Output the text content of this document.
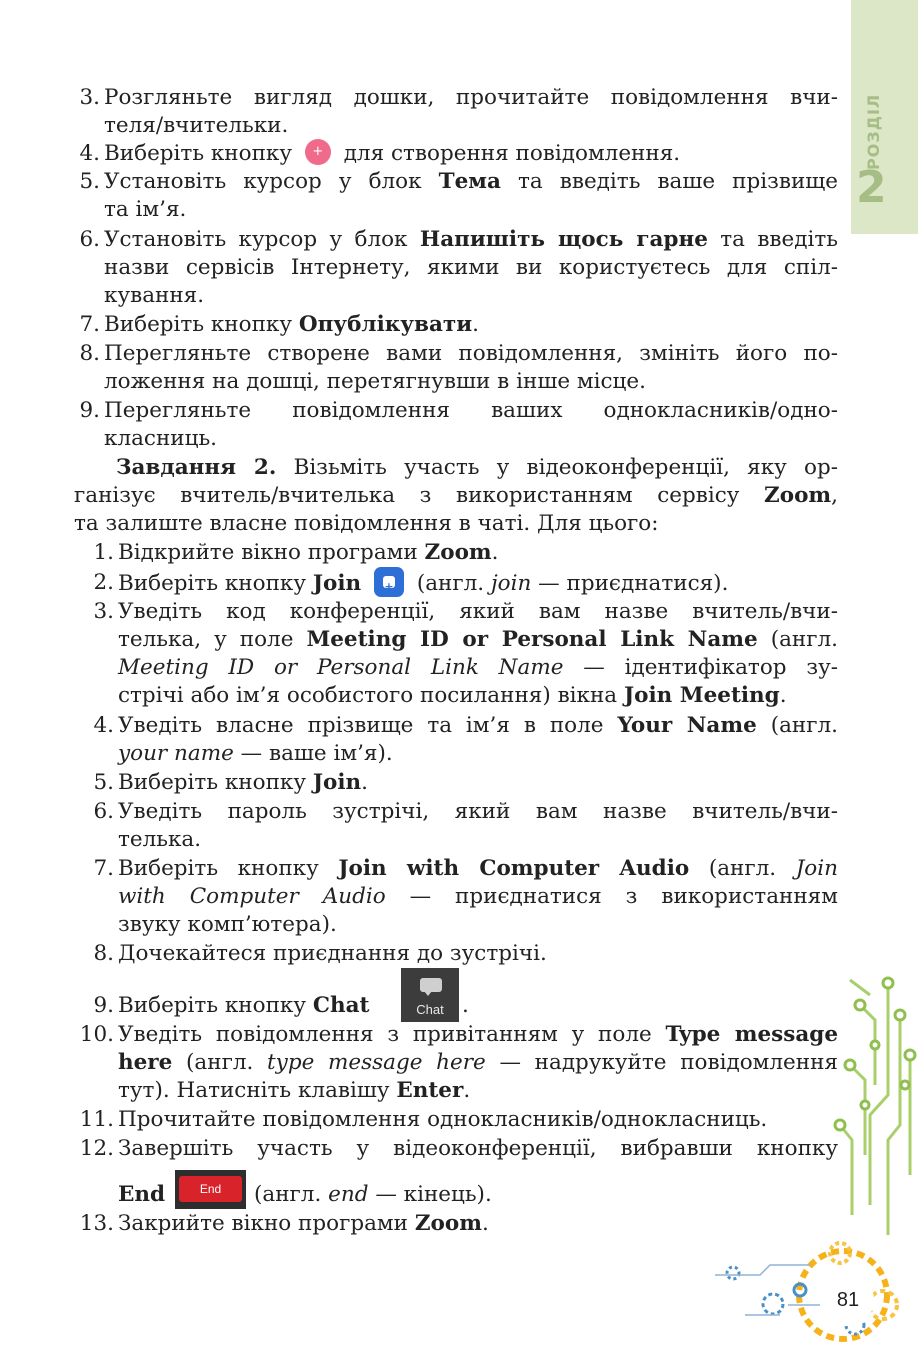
РОЗДІЛ
2
3. Розгляньте вигляд дошки, прочитайте повідомлення вчи-
теля/вчительки.
4. Виберіть кнопку	+ для створення повідомлення.
5. Установіть курсор у блок Тема та введіть ваше прізвище
та ім’я.
6. Установіть курсор у блок Напишіть щось гарне та введіть
назви сервісів Інтернету, якими ви користуєтесь для спіл-
кування.
7. Виберіть кнопку Опублікувати.
8. Перегляньте створене вами повідомлення, змініть його по-
ложення на дошці, перетягнувши в інше місце.
9. Перегляньте повідомлення ваших однокласників/одно-
класниць.
Завдання 2. Візьміть участь у відеоконференції, яку ор-
ганізує вчитель/вчителька з використанням сервісу Zoom,
та залиште власне повідомлення в чаті. Для цього:
1. Відкрийте вікно програми Zoom.
2. Виберіть кнопку Join
+	(англ. join — приєднатися).
3. Уведіть код конференції, який вам назве вчитель/вчи-
телька, у поле Meeting ID or Personal Link Name (англ.
Meeting ID or Personal Link Name — ідентифікатор зу-
стрічі або ім’я особистого посилання) вікна Join Meeting.
4. Уведіть власне прізвище та ім’я в поле Your Name (англ.
your name — ваше ім’я).
5. Виберіть кнопку Join.
6. Уведіть пароль зустрічі, який вам назве вчитель/вчи-
телька.
7. Виберіть кнопку Join with Computer Audio (англ. Join
with Computer Audio — приєднатися з використанням
звуку комп’ютера).
8. Дочекайтеся приєднання до зустрічі.
9. Виберіть кнопку Chat	Chat .
10. Уведіть повідомлення з привітанням у поле Type message
here (англ. type message here — надрукуйте повідомлення
тут). Натисніть клавішу Enter.
11. Прочитайте повідомлення однокласників/однокласниць.
12. Завершіть участь у відеоконференції, вибравши кнопку
End	End	(англ. end — кінець).
13. Закрийте вікно програми Zoom.
81
